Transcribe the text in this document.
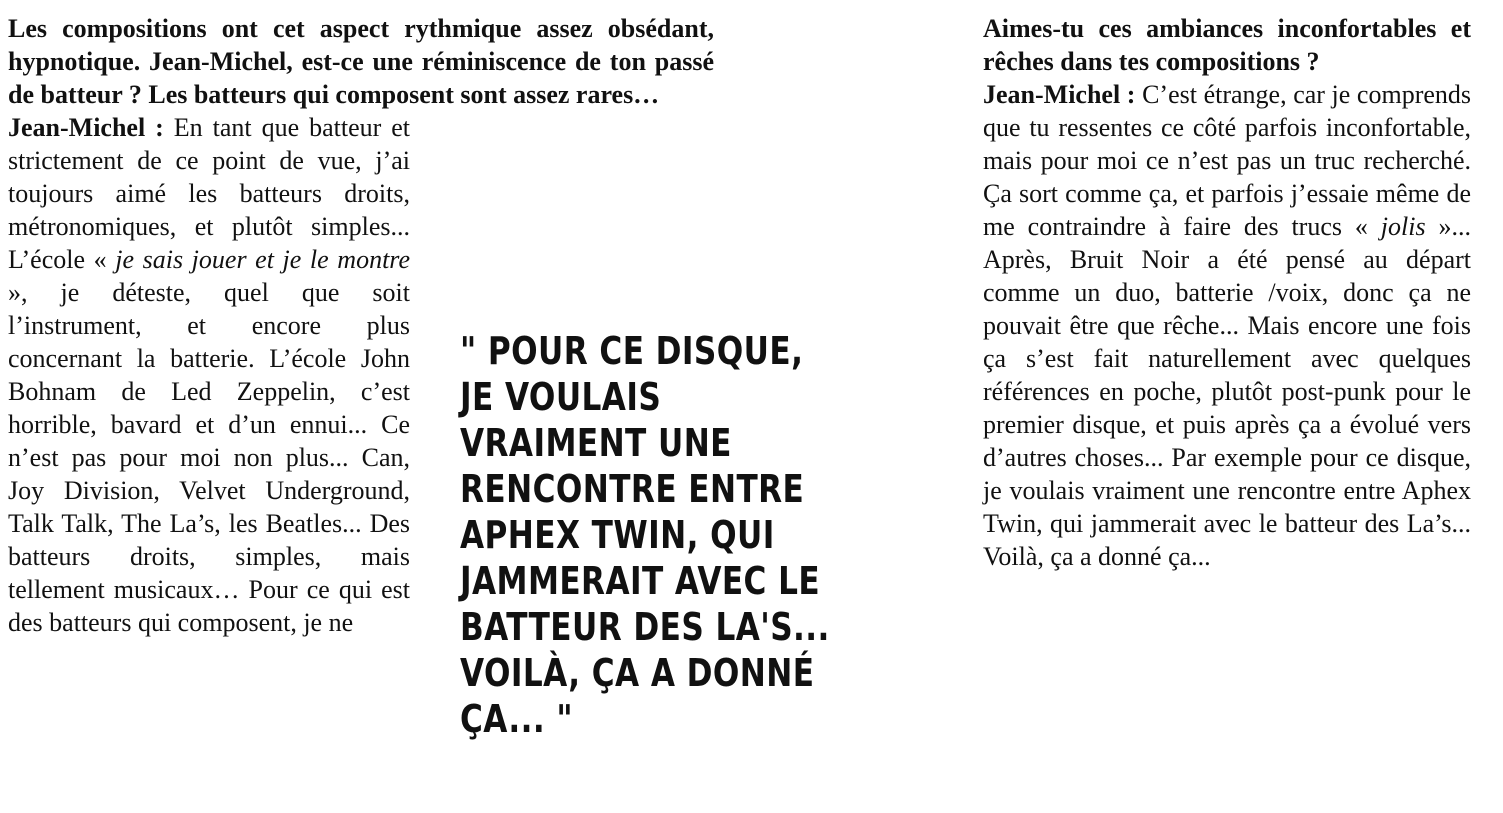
Les compositions ont cet aspect rythmique assez obsédant, hypnotique. Jean-Michel, est-ce une réminiscence de ton passé de batteur ? Les batteurs qui composent sont assez rares…
Jean-Michel : En tant que batteur et strictement de ce point de vue, j’ai toujours aimé les batteurs droits, métronomiques, et plutôt simples... L’école « je sais jouer et je le montre », je déteste, quel que soit l’instrument, et encore plus concernant la batterie. L’école John Bohnam de Led Zeppelin, c’est horrible, bavard et d’un ennui... Ce n’est pas pour moi non plus... Can, Joy Division, Velvet Underground, Talk Talk, The La’s, les Beatles... Des batteurs droits, simples, mais tellement musicaux… Pour ce qui est des batteurs qui composent, je ne
" POUR CE DISQUE, JE VOULAIS VRAIMENT UNE RENCONTRE ENTRE APHEX TWIN, QUI JAMMERAIT AVEC LE BATTEUR DES LA'S... VOILÀ, ÇA A DONNÉ ÇA... "
Aimes-tu ces ambiances inconfortables et rêches dans tes compositions ?
Jean-Michel : C’est étrange, car je comprends que tu ressentes ce côté parfois inconfortable, mais pour moi ce n’est pas un truc recherché. Ça sort comme ça, et parfois j’essaie même de me contraindre à faire des trucs « jolis »... Après, Bruit Noir a été pensé au départ comme un duo, batterie /voix, donc ça ne pouvait être que rêche... Mais encore une fois ça s’est fait naturellement avec quelques références en poche, plutôt post-punk pour le premier disque, et puis après ça a évolué vers d’autres choses... Par exemple pour ce disque, je voulais vraiment une rencontre entre Aphex Twin, qui jammerait avec le batteur des La’s... Voilà, ça a donné ça...
